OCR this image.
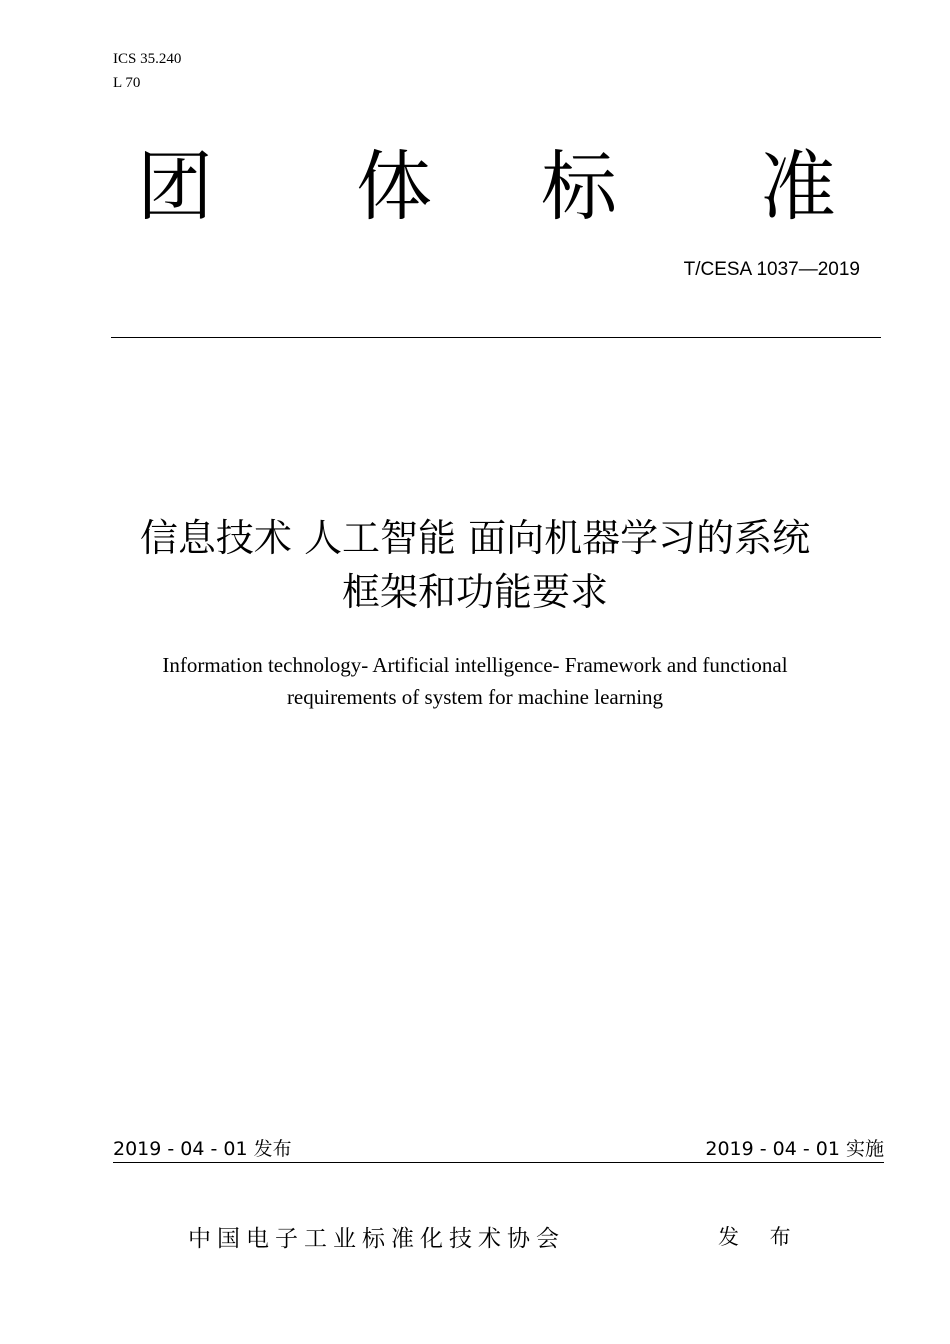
ICS 35.240
L 70
团 体 标 准
T/CESA 1037—2019
信息技术 人工智能 面向机器学习的系统
框架和功能要求
Information technology- Artificial intelligence- Framework and functional
requirements of system for machine learning
2019 - 04 - 01 发布	2019 - 04 - 01 实施
中国电子工业标准化技术协会	发 布
